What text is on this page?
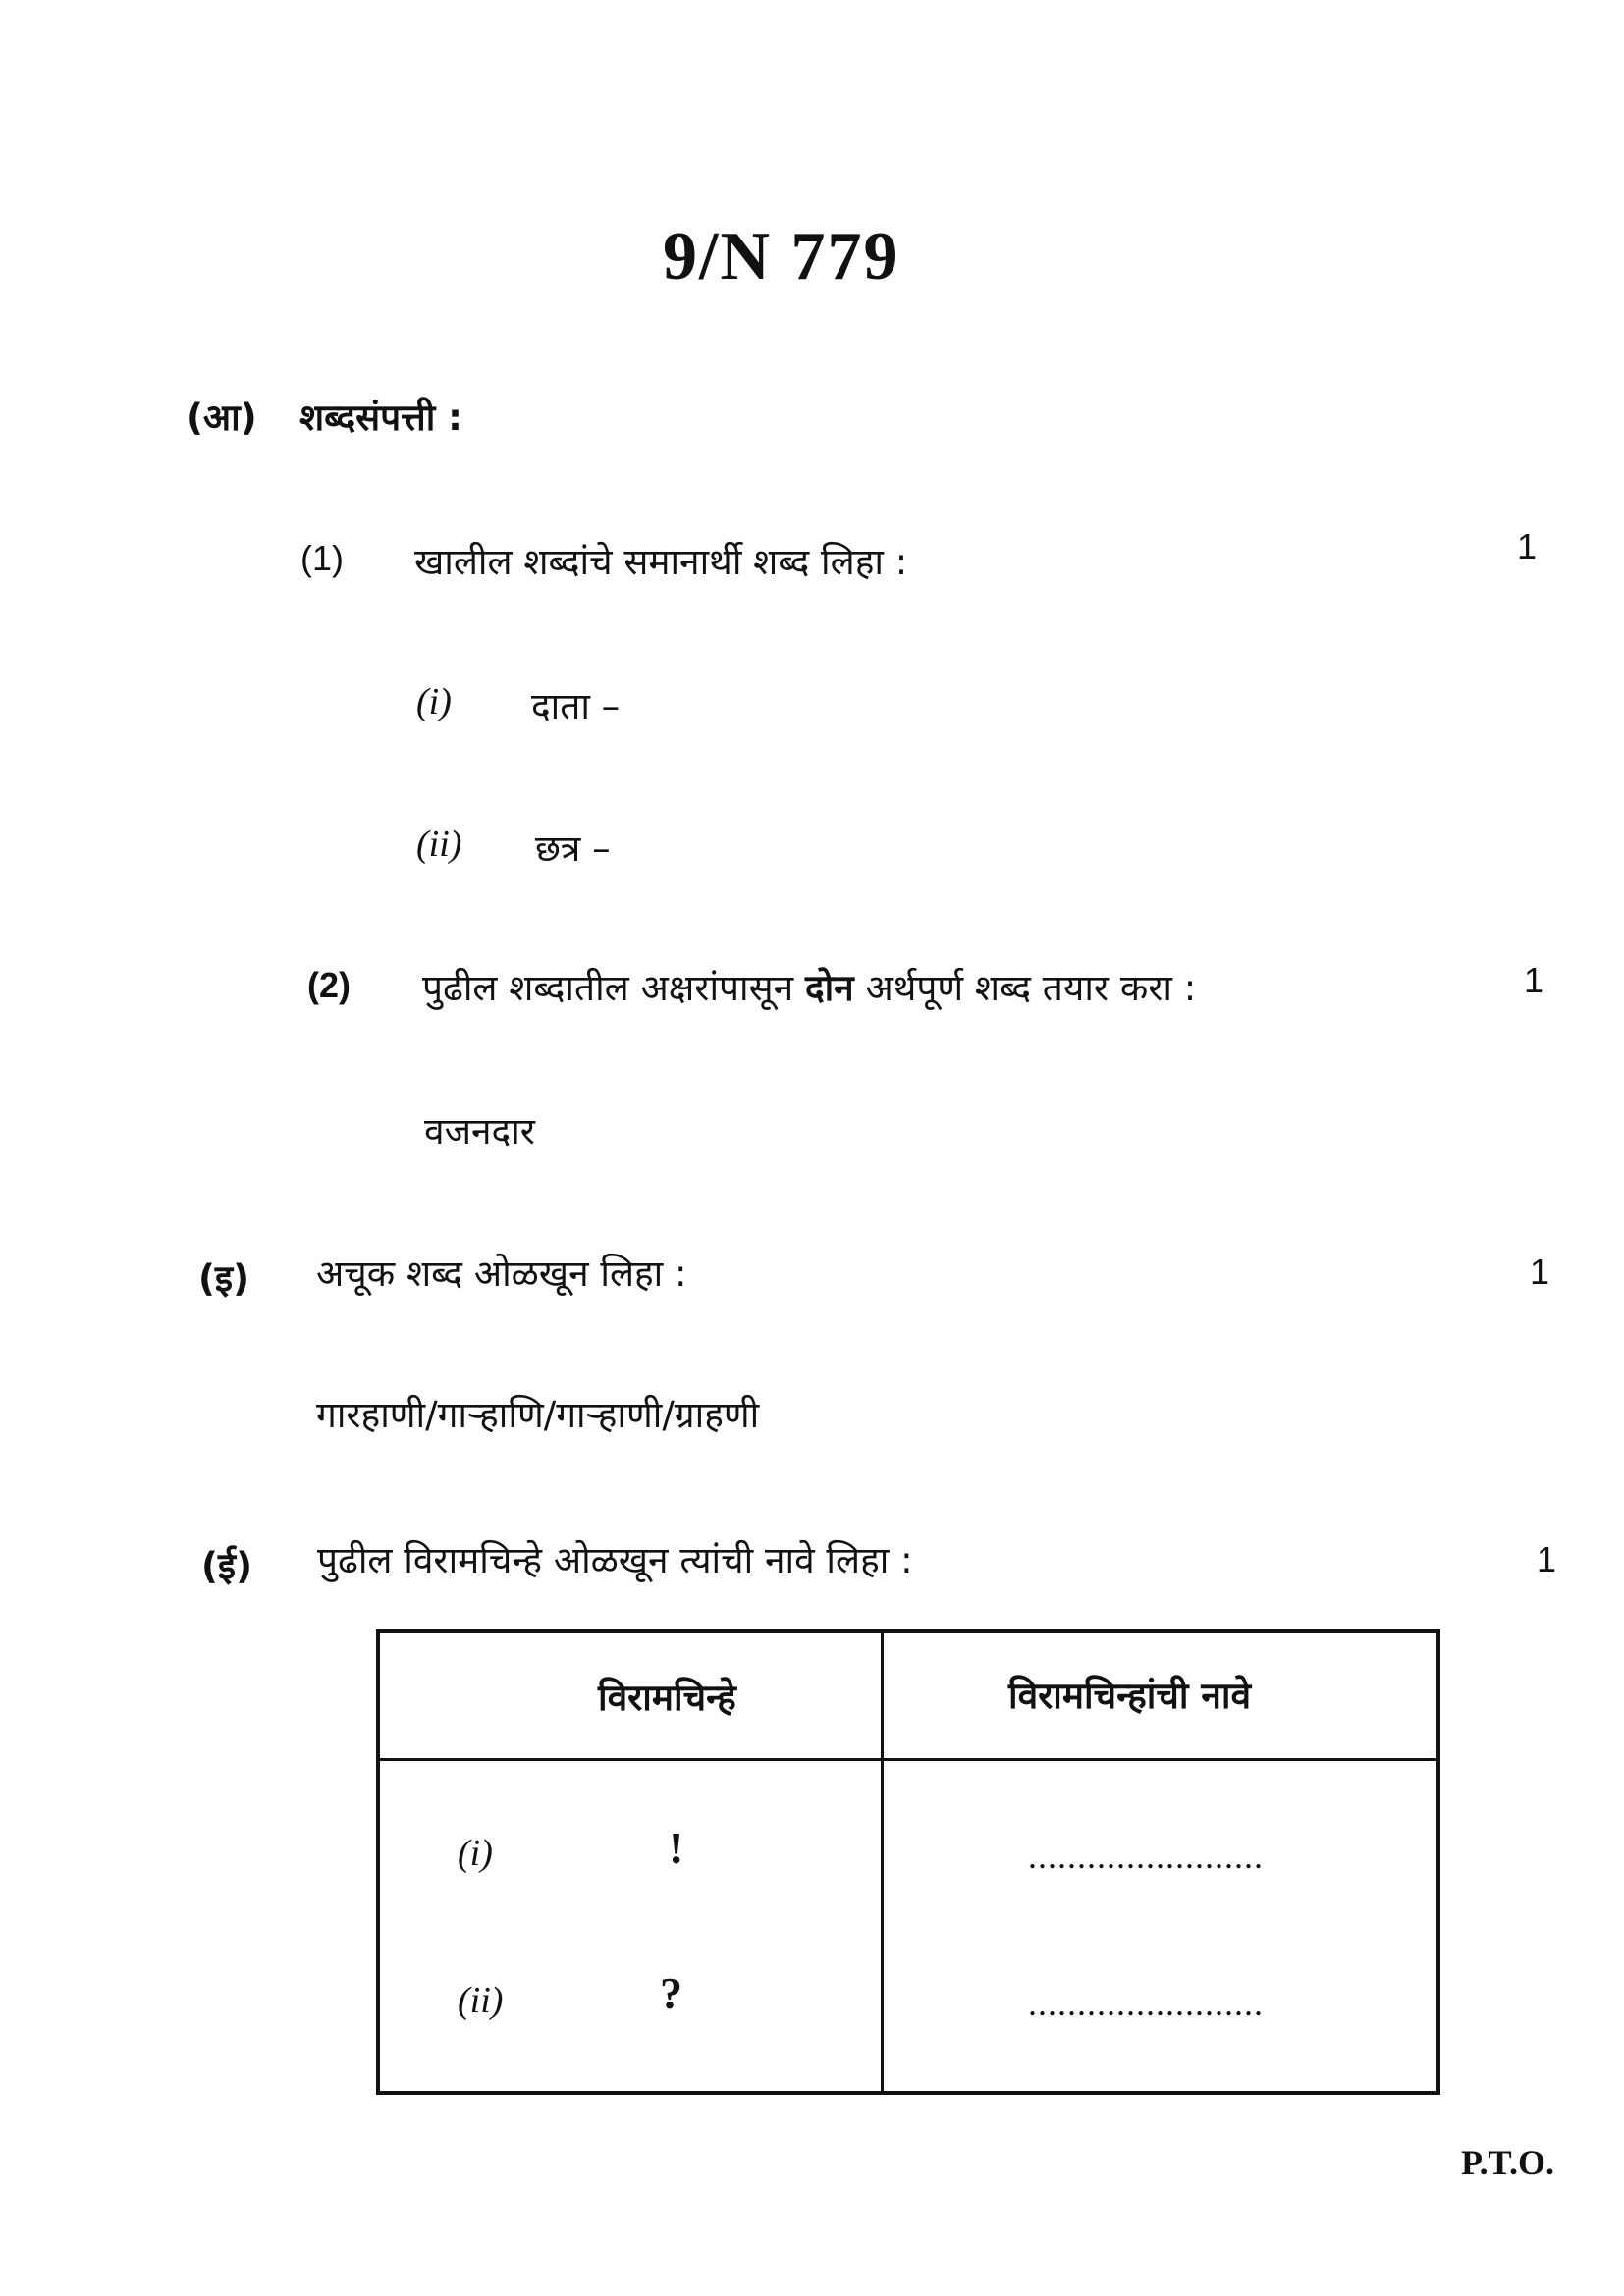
9/N 779
(आ) शब्दसंपत्ती :
(1) खालील शब्दांचे समानार्थी शब्द लिहा :	1
(i) दाता –
(ii) छत्र –
(2) पुढील शब्दातील अक्षरांपासून दोन अर्थपूर्ण शब्द तयार करा :	1
वजनदार
(इ) अचूक शब्द ओळखून लिहा :	1
गारहाणी/गाऱ्हाणि/गाऱ्हाणी/ग्राहणी
(ई) पुढील विरामचिन्हे ओळखून त्यांची नावे लिहा :	1
विरामचिन्हे	विरामचिन्हांची नावे
(i)	!	........................
(ii)	?	........................
P.T.O.
